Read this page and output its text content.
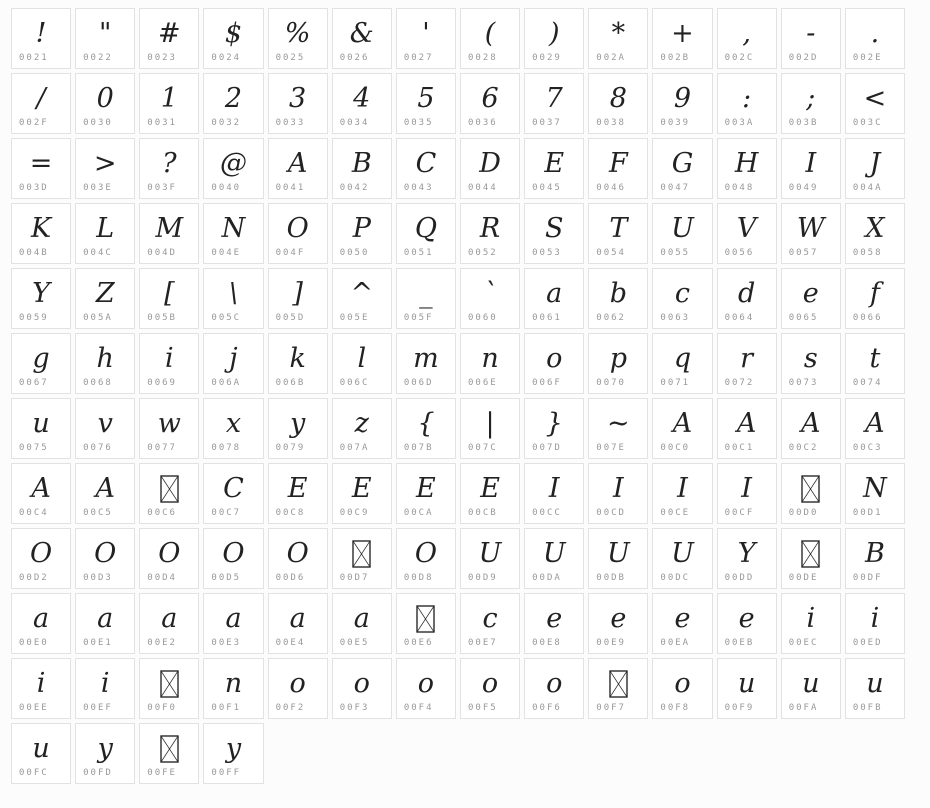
!
0021
"
0022
#
0023
$
0024
%
0025
&
0026
'
0027
(
0028
)
0029
*
002A
+
002B
,
002C
-
002D
.
002E
/
002F
0
0030
1
0031
2
0032
3
0033
4
0034
5
0035
6
0036
7
0037
8
0038
9
0039
:
003A
;
003B
<
003C
=
003D
>
003E
?
003F
@
0040
A
0041
B
0042
C
0043
D
0044
E
0045
F
0046
G
0047
H
0048
I
0049
J
004A
K
004B
L
004C
M
004D
N
004E
O
004F
P
0050
Q
0051
R
0052
S
0053
T
0054
U
0055
V
0056
W
0057
X
0058
Y
0059
Z
005A
[
005B
\
005C
]
005D
^
005E
_
005F
`
0060
a
0061
b
0062
c
0063
d
0064
e
0065
f
0066
g
0067
h
0068
i
0069
j
006A
k
006B
l
006C
m
006D
n
006E
o
006F
p
0070
q
0071
r
0072
s
0073
t
0074
u
0075
v
0076
w
0077
x
0078
y
0079
z
007A
{
007B
|
007C
}
007D
~
007E
A
00C0
A
00C1
A
00C2
A
00C3
A
00C4
A
00C5	00C6
C
00C7
E
00C8
E
00C9
E
00CA
E
00CB
I
00CC
I
00CD
I
00CE
I
00CF	00D0
N
00D1
O
00D2
O
00D3
O
00D4
O
00D5
O
00D6	00D7
O
00D8
U
00D9
U
00DA
U
00DB
U
00DC
Y
00DD	00DE
B
00DF
a
00E0
a
00E1
a
00E2
a
00E3
a
00E4
a
00E5	00E6
c
00E7
e
00E8
e
00E9
e
00EA
e
00EB
i
00EC
i
00ED
i
00EE
i
00EF	00F0
n
00F1
o
00F2
o
00F3
o
00F4
o
00F5
o
00F6	00F7
o
00F8
u
00F9
u
00FA
u
00FB
u
00FC
y
00FD	00FE
y
00FF
